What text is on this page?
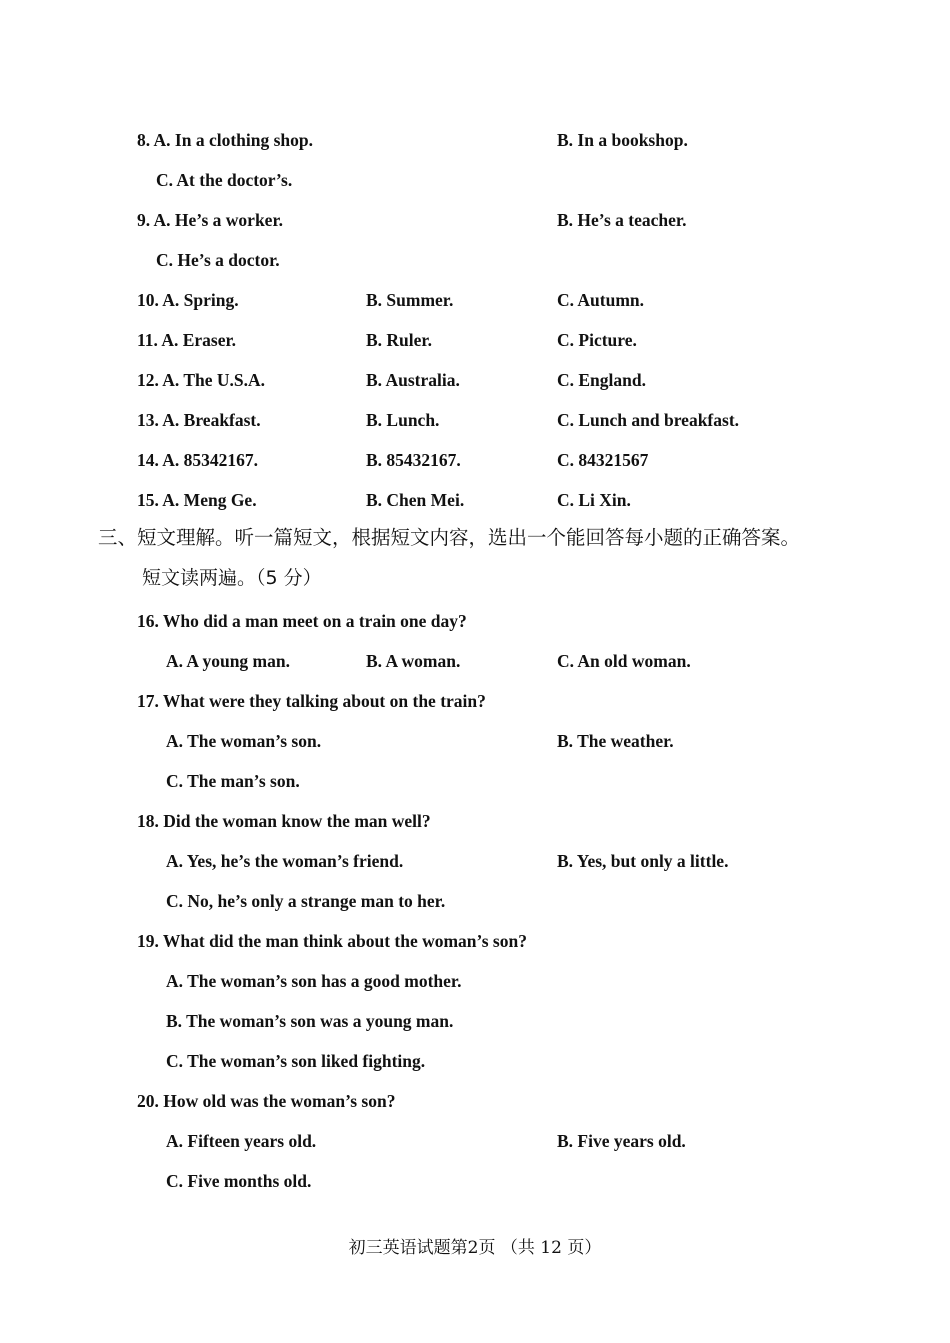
8. A. In a clothing shop.	B. In a bookshop.
C. At the doctor’s.
9. A. He’s a worker.	B. He’s a teacher.
C. He’s a doctor.
10. A. Spring.	B. Summer.	C. Autumn.
11. A. Eraser.	B. Ruler.	C. Picture.
12. A. The U.S.A.	B. Australia.	C. England.
13. A. Breakfast.	B. Lunch.	C. Lunch and breakfast.
14. A. 85342167.	B. 85432167.	C. 84321567
15. A. Meng Ge.	B. Chen Mei.	C. Li Xin.
三、短文理解。听一篇短文，根据短文内容，选出一个能回答每小题的正确答案。
短文读两遍。（5 分）
16. Who did a man meet on a train one day?
A. A young man.	B. A woman.	C. An old woman.
17. What were they talking about on the train?
A. The woman’s son.	B. The weather.
C. The man’s son.
18. Did the woman know the man well?
A. Yes, he’s the woman’s friend.	B. Yes, but only a little.
C. No, he’s only a strange man to her.
19. What did the man think about the woman’s son?
A. The woman’s son has a good mother.
B. The woman’s son was a young man.
C. The woman’s son liked fighting.
20. How old was the woman’s son?
A. Fifteen years old.	B. Five years old.
C. Five months old.
初三英语试题第2页 （共 12 页）
